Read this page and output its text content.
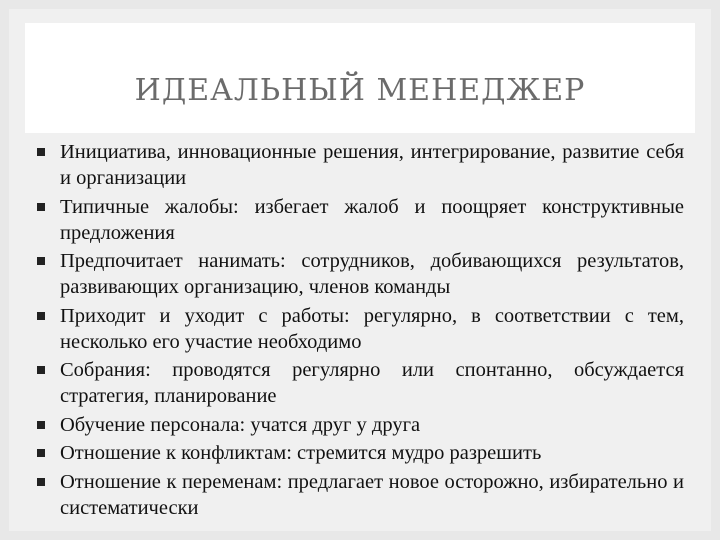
ИДЕАЛЬНЫЙ МЕНЕДЖЕР
Инициатива, инновационные решения, интегрирование, развитие себя и организации
Типичные жалобы: избегает жалоб и поощряет конструктивные предложения
Предпочитает нанимать: сотрудников, добивающихся результатов, развивающих организацию, членов команды
Приходит и уходит с работы: регулярно, в соответствии с тем, несколько его участие необходимо
Собрания: проводятся регулярно или спонтанно, обсуждается стратегия, планирование
Обучение персонала: учатся друг у друга
Отношение к конфликтам: стремится мудро разрешить
Отношение к переменам: предлагает новое осторожно, избирательно и систематически
